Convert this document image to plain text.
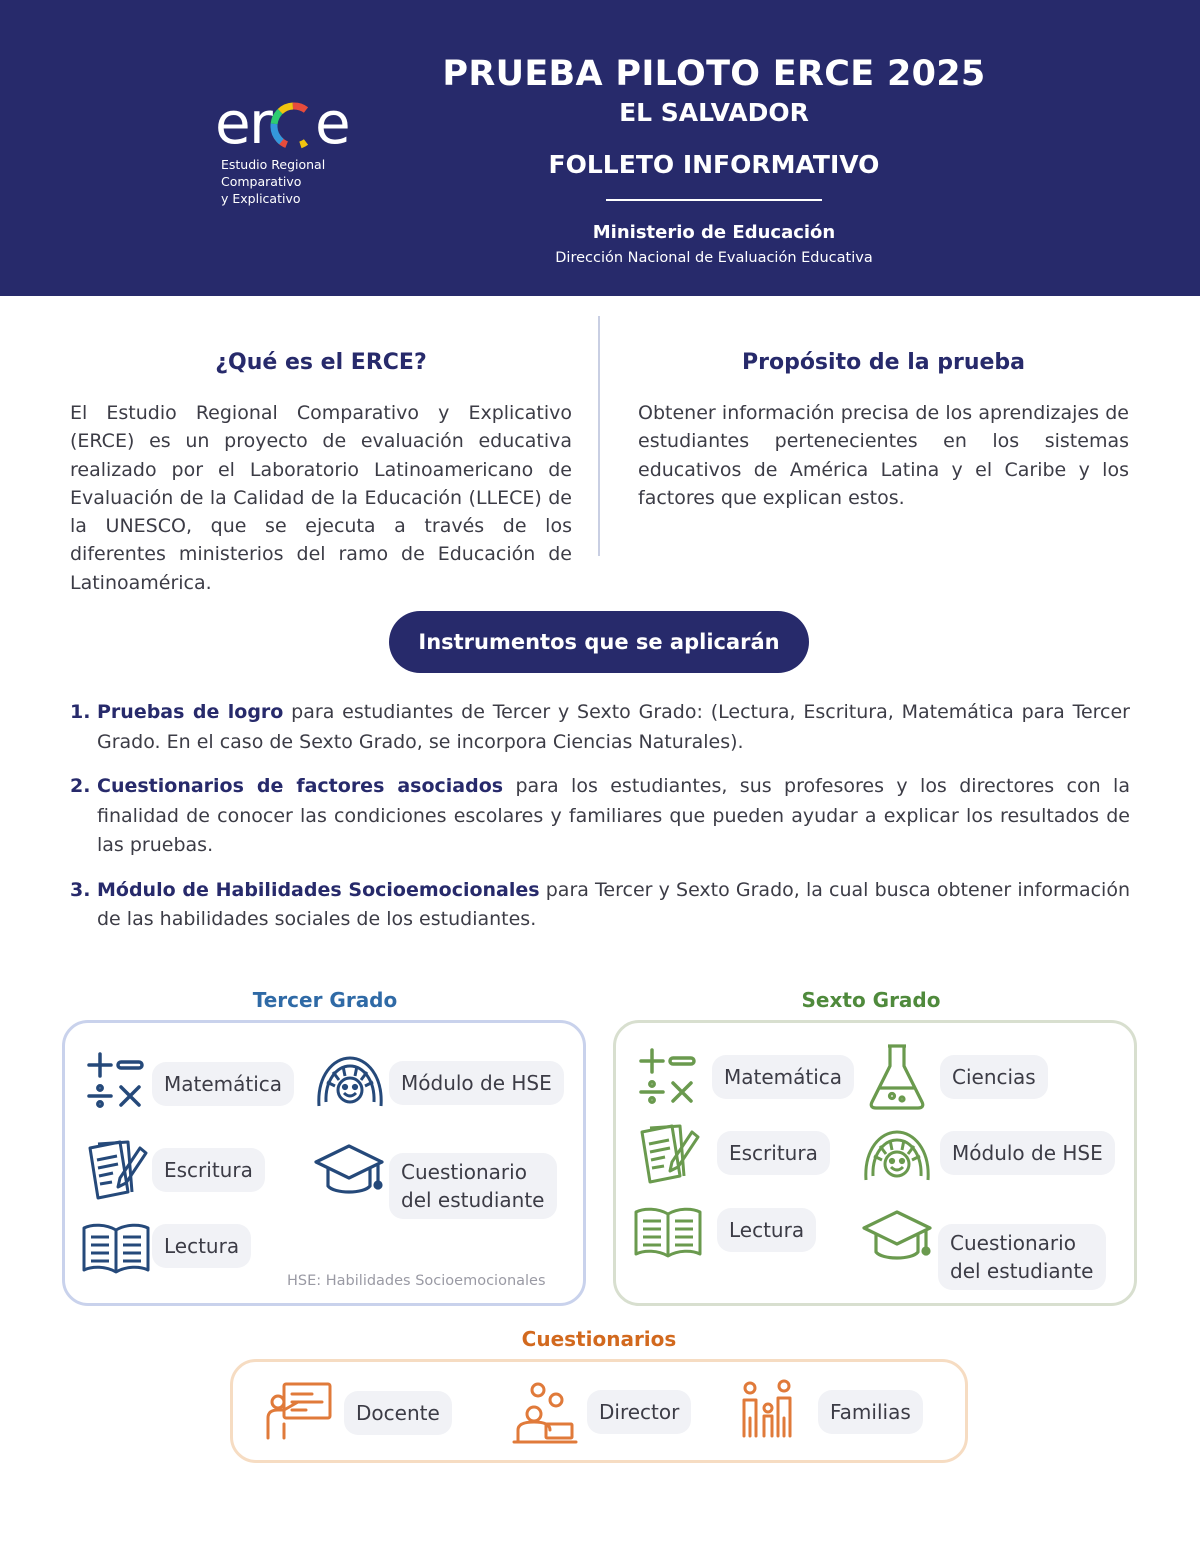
e r e
Estudio Regional
Comparativo
y Explicativo
PRUEBA PILOTO ERCE 2025
EL SALVADOR
FOLLETO INFORMATIVO
Ministerio de Educación
Dirección Nacional de Evaluación Educativa
¿Qué es el ERCE?
El Estudio Regional Comparativo y Explicativo (ERCE) es un proyecto de evaluación educativa realizado por el Laboratorio Latinoamericano de Evaluación de la Calidad de la Educación (LLECE) de la UNESCO, que se ejecuta a través de los diferentes ministerios del ramo de Educación de Latinoamérica.
Propósito de la prueba
Obtener información precisa de los aprendizajes de estudiantes pertenecientes en los sistemas educativos de América Latina y el Caribe y los factores que explican estos.
Instrumentos que se aplicarán
1. Pruebas de logro para estudiantes de Tercer y Sexto Grado: (Lectura, Escritura, Matemática para Tercer Grado. En el caso de Sexto Grado, se incorpora Ciencias Naturales).
2. Cuestionarios de factores asociados para los estudiantes, sus profesores y los directores con la finalidad de conocer las condiciones escolares y familiares que pueden ayudar a explicar los resultados de las pruebas.
3. Módulo de Habilidades Socioemocionales para Tercer y Sexto Grado, la cual busca obtener información de las habilidades sociales de los estudiantes.
Tercer Grado
Matemática	Módulo de HSE
Escritura	Cuestionario
del estudiante
Lectura
HSE: Habilidades Socioemocionales
Sexto Grado
Matemática	Ciencias
Escritura	Módulo de HSE
Lectura
Cuestionario
del estudiante
Cuestionarios
Docente	Director	Familias
